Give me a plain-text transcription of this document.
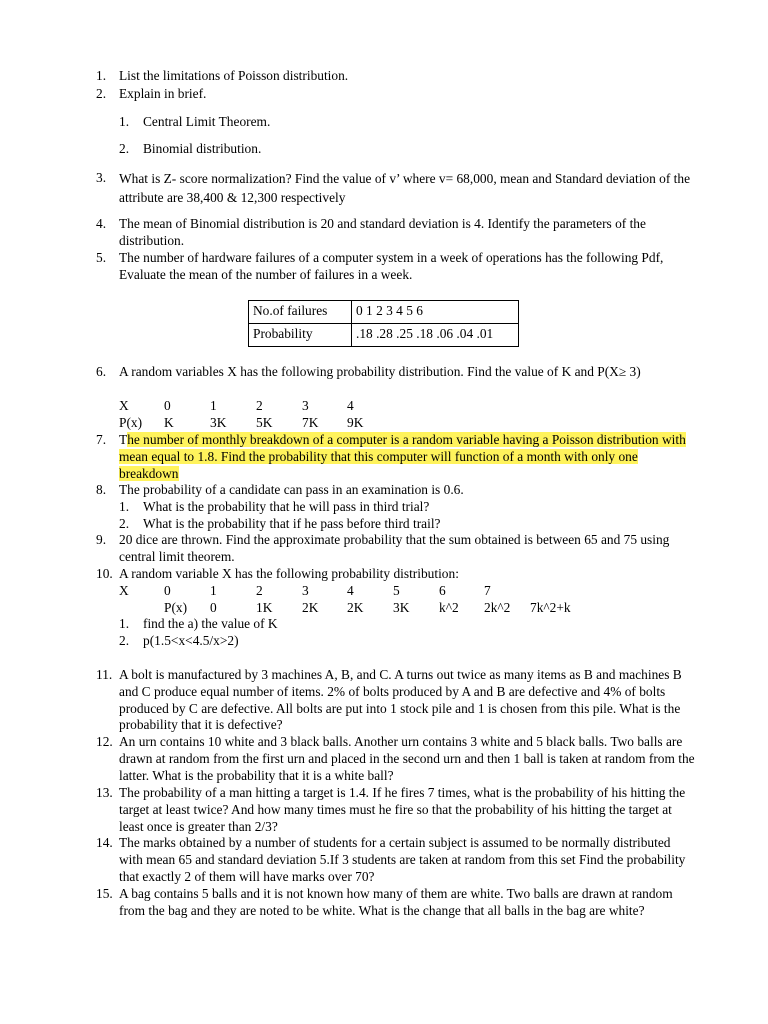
1. List the limitations of Poisson distribution.
2. Explain in brief.
1. Central Limit Theorem.
2. Binomial distribution.
3. What is Z- score normalization? Find the value of v’ where v= 68,000, mean and Standard deviation of the attribute are 38,400 & 12,300 respectively
4. The mean of Binomial distribution is 20 and standard deviation is 4. Identify the parameters of the distribution.
5. The number of hardware failures of a computer system in a week of operations has the following Pdf, Evaluate the mean of the number of failures in a week.
No.of failures	0 1 2 3 4 5 6
Probability	.18 .28 .25 .18 .06 .04 .01
6. A random variables X has the following probability distribution. Find the value of K and P(X≥ 3)
X	0	1	2	3	4
P(x) K	3K 5K 7K 9K
7. The number of monthly breakdown of a computer is a random variable having a Poisson distribution with mean equal to 1.8. Find the probability that this computer will function of a month with only one breakdown
8. The probability of a candidate can pass in an examination is 0.6.
1. What is the probability that he will pass in third trial?
2. What is the probability that if he pass before third trail?
9. 20 dice are thrown. Find the approximate probability that the sum obtained is between 65 and 75 using central limit theorem.
10. A random variable X has the following probability distribution:
X	0	1	2	3	4	5	6	7
P(x) 0	1K 2K 2K 3K k^2 2k^2 7k^2+k
1. find the a) the value of K
2. p(1.5<x<4.5/x>2)
11. A bolt is manufactured by 3 machines A, B, and C. A turns out twice as many items as B and machines B and C produce equal number of items. 2% of bolts produced by A and B are defective and 4% of bolts produced by C are defective. All bolts are put into 1 stock pile and 1 is chosen from this pile. What is the probability that it is defective?
12. An urn contains 10 white and 3 black balls. Another urn contains 3 white and 5 black balls. Two balls are drawn at random from the first urn and placed in the second urn and then 1 ball is taken at random from the latter. What is the probability that it is a white ball?
13. The probability of a man hitting a target is 1.4. If he fires 7 times, what is the probability of his hitting the target at least twice? And how many times must he fire so that the probability of his hitting the target at least once is greater than 2/3?
14. The marks obtained by a number of students for a certain subject is assumed to be normally distributed with mean 65 and standard deviation 5.If 3 students are taken at random from this set Find the probability that exactly 2 of them will have marks over 70?
15. A bag contains 5 balls and it is not known how many of them are white. Two balls are drawn at random from the bag and they are noted to be white. What is the change that all balls in the bag are white?
